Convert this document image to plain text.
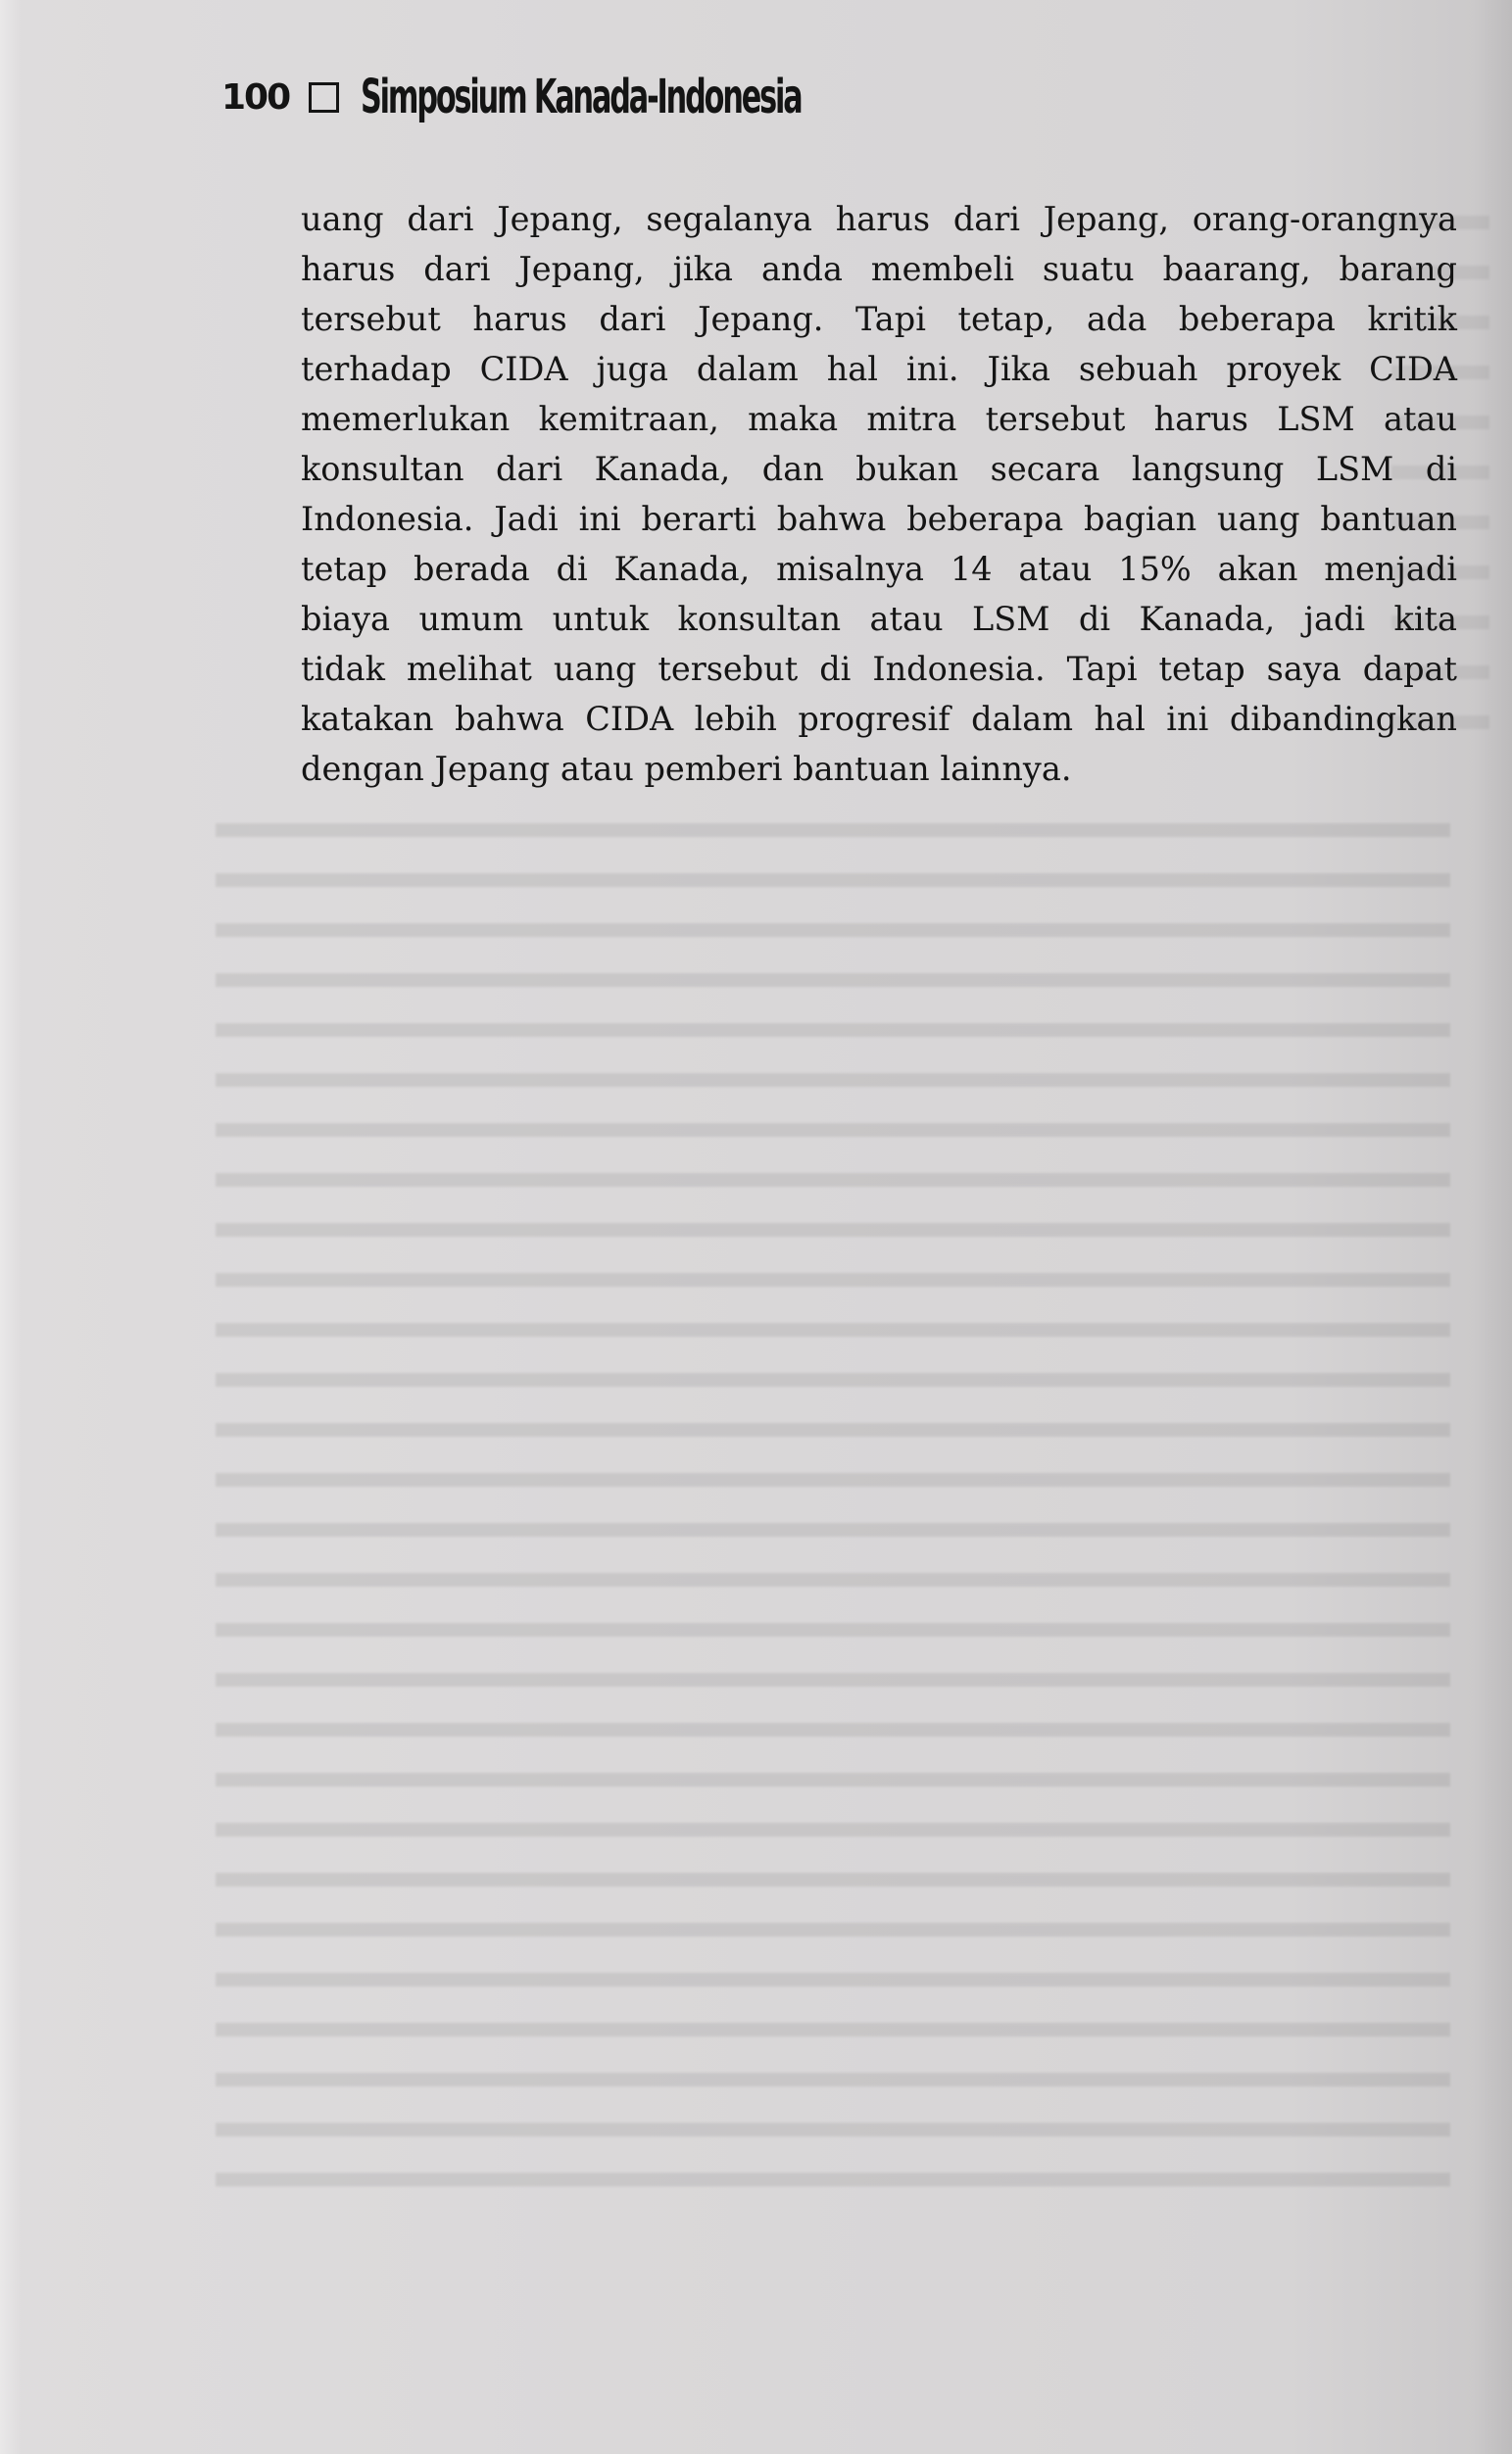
100 Simposium Kanada-Indonesia
uang dari Jepang, segalanya harus dari Jepang, orang-orangnya
harus dari Jepang, jika anda membeli suatu baarang, barang
tersebut harus dari Jepang. Tapi tetap, ada beberapa kritik
terhadap CIDA juga dalam hal ini. Jika sebuah proyek CIDA
memerlukan kemitraan, maka mitra tersebut harus LSM atau
konsultan dari Kanada, dan bukan secara langsung LSM di
Indonesia. Jadi ini berarti bahwa beberapa bagian uang bantuan
tetap berada di Kanada, misalnya 14 atau 15% akan menjadi
biaya umum untuk konsultan atau LSM di Kanada, jadi kita
tidak melihat uang tersebut di Indonesia. Tapi tetap saya dapat
katakan bahwa CIDA lebih progresif dalam hal ini dibandingkan
dengan Jepang atau pemberi bantuan lainnya.
